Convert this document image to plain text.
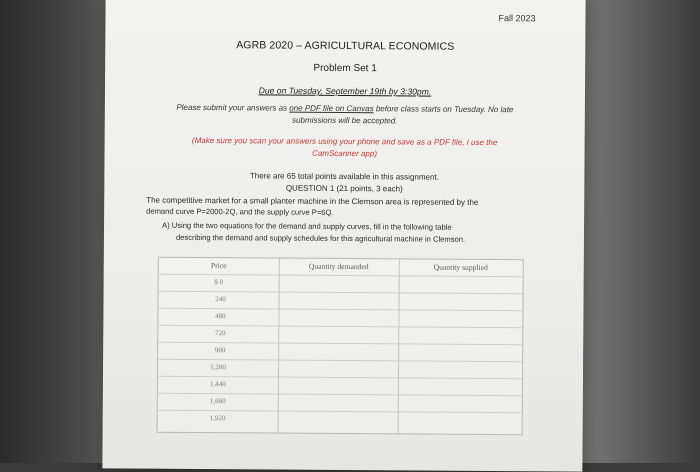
Fall 2023
AGRB 2020 – AGRICULTURAL ECONOMICS
Problem Set 1
Due on Tuesday, September 19th by 3:30pm.
Please submit your answers as one PDF file on Canvas before class starts on Tuesday. No late
submissions will be accepted.
(Make sure you scan your answers using your phone and save as a PDF file, I use the
CamScanner app)
There are 65 total points available in this assignment.
QUESTION 1 (21 points, 3 each)
The competitive market for a small planter machine in the Clemson area is represented by the
demand curve P=2000-2Q, and the supply curve P=6Q.
A) Using the two equations for the demand and supply curves, fill in the following table
describing the demand and supply schedules for this agricultural machine in Clemson.
Price	Quantity demanded	Quantity supplied
$ 0
240
480
720
960
1,200
1,440
1,680
1,920
